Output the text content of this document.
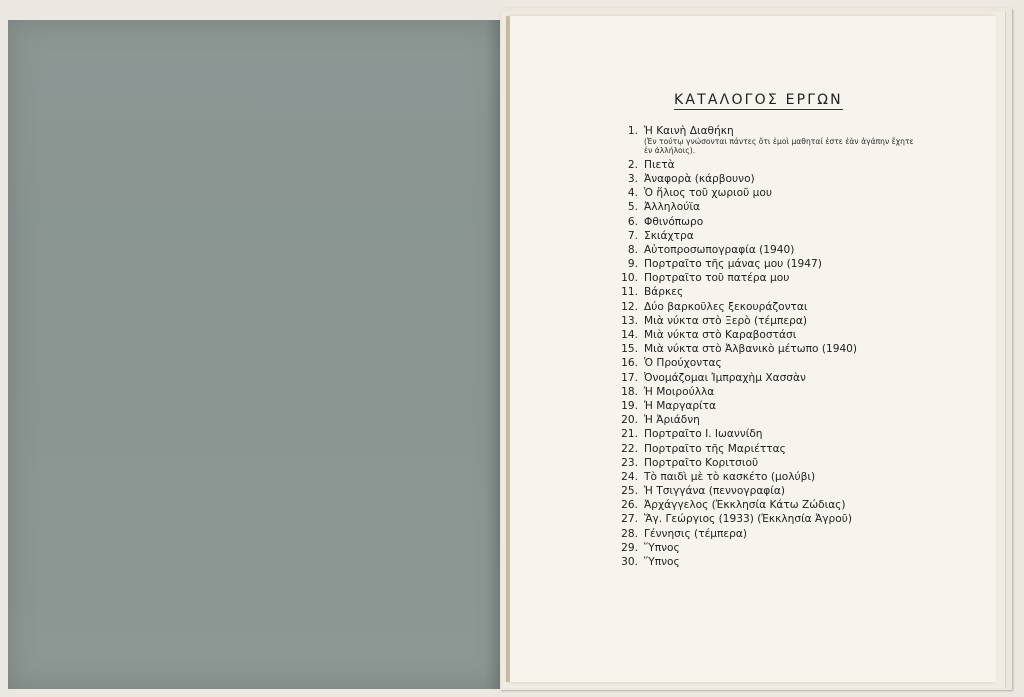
ΚΑΤΑΛΟΓΟΣ ΕΡΓΩΝ
1. Ἡ Καινὴ Διαθήκη
(Ἐν τούτῳ γνώσονται πάντες ὅτι ἐμοὶ μαθηταί ἐστε ἐὰν ἀγάπην ἔχητε ἐν ἀλλήλοις).
2. Πιετὰ
3. Ἀναφορὰ (κάρβουνο)
4. Ὁ ἥλιος τοῦ χωριοῦ μου
5. Ἀλληλούϊα
6. Φθινόπωρο
7. Σκιάχτρα
8. Αὐτοπροσωπογραφία (1940)
9. Πορτραῖτο τῆς μάνας μου (1947)
10. Πορτραῖτο τοῦ πατέρα μου
11. Βάρκες
12. Δύο βαρκοῦλες ξεκουράζονται
13. Μιὰ νύκτα στὸ Ξερὸ (τέμπερα)
14. Μιὰ νύκτα στὸ Καραβοστάσι
15. Μιὰ νύκτα στὸ Ἀλβανικὸ μέτωπο (1940)
16. Ὁ Προύχοντας
17. Ὀνομάζομαι Ἰμπραχὴμ Χασσὰν
18. Ἡ Μοιρούλλα
19. Ἡ Μαργαρίτα
20. Ἡ Ἀριάδνη
21. Πορτραῖτο Ι. Ιωαννίδη
22. Πορτραῖτο τῆς Μαριέττας
23. Πορτραῖτο Κοριτσιοῦ
24. Τὸ παιδὶ μὲ τὸ κασκέτο (μολύβι)
25. Ἡ Τσιγγάνα (πεννογραφία)
26. Ἀρχάγγελος (Ἐκκλησία Κάτω Ζώδιας)
27. Ἅγ. Γεώργιος (1933) (Ἐκκλησία Ἀγροῦ)
28. Γέννησις (τέμπερα)
29. Ὕπνος
30. Ὕπνος
